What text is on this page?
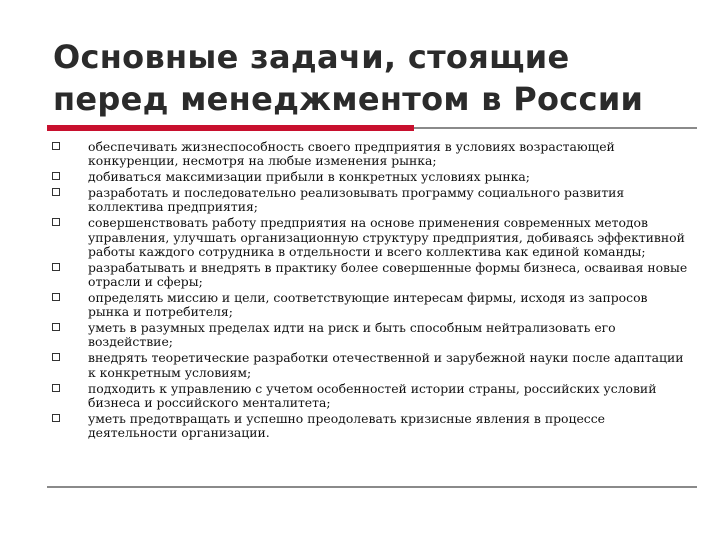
Основные задачи, стоящие перед менеджментом в России
обеспечивать жизнеспособность своего предприятия в условиях возрастающей конкуренции, несмотря на любые изменения рынка;
добиваться максимизации прибыли в конкретных условиях рынка;
разработать и последовательно реализовывать программу социального развития коллектива предприятия;
совершенствовать работу предприятия на основе применения современных методов управления, улучшать организационную структуру предприятия, добиваясь эффективной работы каждого сотрудника в отдельности и всего коллектива как единой команды;
разрабатывать и внедрять в практику более совершенные формы бизнеса, осваивая новые отрасли и сферы;
определять миссию и цели, соответствующие интересам фирмы, исходя из запросов рынка и потребителя;
уметь в разумных пределах идти на риск и быть способным нейтрализовать его воздействие;
внедрять теоретические разработки отечественной и зарубежной науки после адаптации к конкретным условиям;
подходить к управлению с учетом особенностей истории страны, российских условий бизнеса и российского менталитета;
уметь предотвращать и успешно преодолевать кризисные явления в процессе деятельности организации.
